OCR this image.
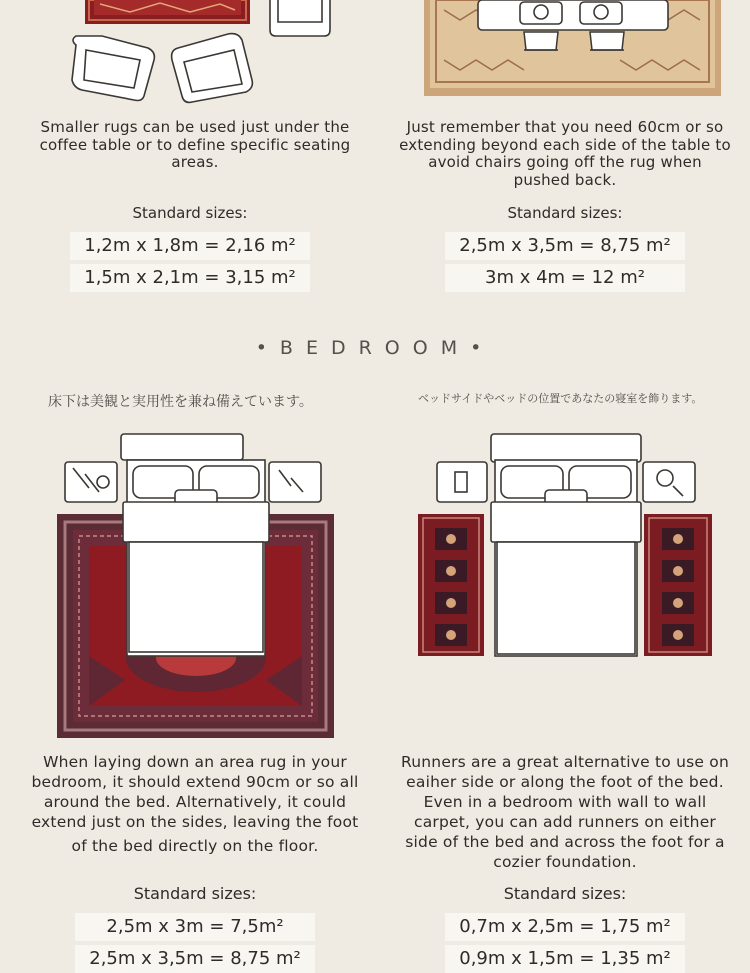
Smaller rugs can be used just under the
coffee table or to define specific seating
areas.
Just remember that you need 60cm or so
extending beyond each side of the table to
avoid chairs going off the rug when
pushed back.
Standard sizes:	Standard sizes:
1,2m x 1,8m = 2,16 m²
1,5m x 2,1m = 3,15 m²
2,5m x 3,5m = 8,75 m²
3m x 4m = 12 m²
•BEDROOM•
床下は美観と実用性を兼ね備えています。	ベッドサイドやベッドの位置であなたの寝室を飾ります。
When laying down an area rug in your
bedroom, it should extend 90cm or so all
around the bed. Alternatively, it could
extend just on the sides, leaving the foot
of the bed directly on the floor.
Runners are a great alternative to use on
eaiher side or along the foot of the bed.
Even in a bedroom with wall to wall
carpet, you can add runners on either
side of the bed and across the foot for a
cozier foundation.
Standard sizes:	Standard sizes:
2,5m x 3m = 7,5m²
2,5m x 3,5m = 8,75 m²
0,7m x 2,5m = 1,75 m²
0,9m x 1,5m = 1,35 m²
